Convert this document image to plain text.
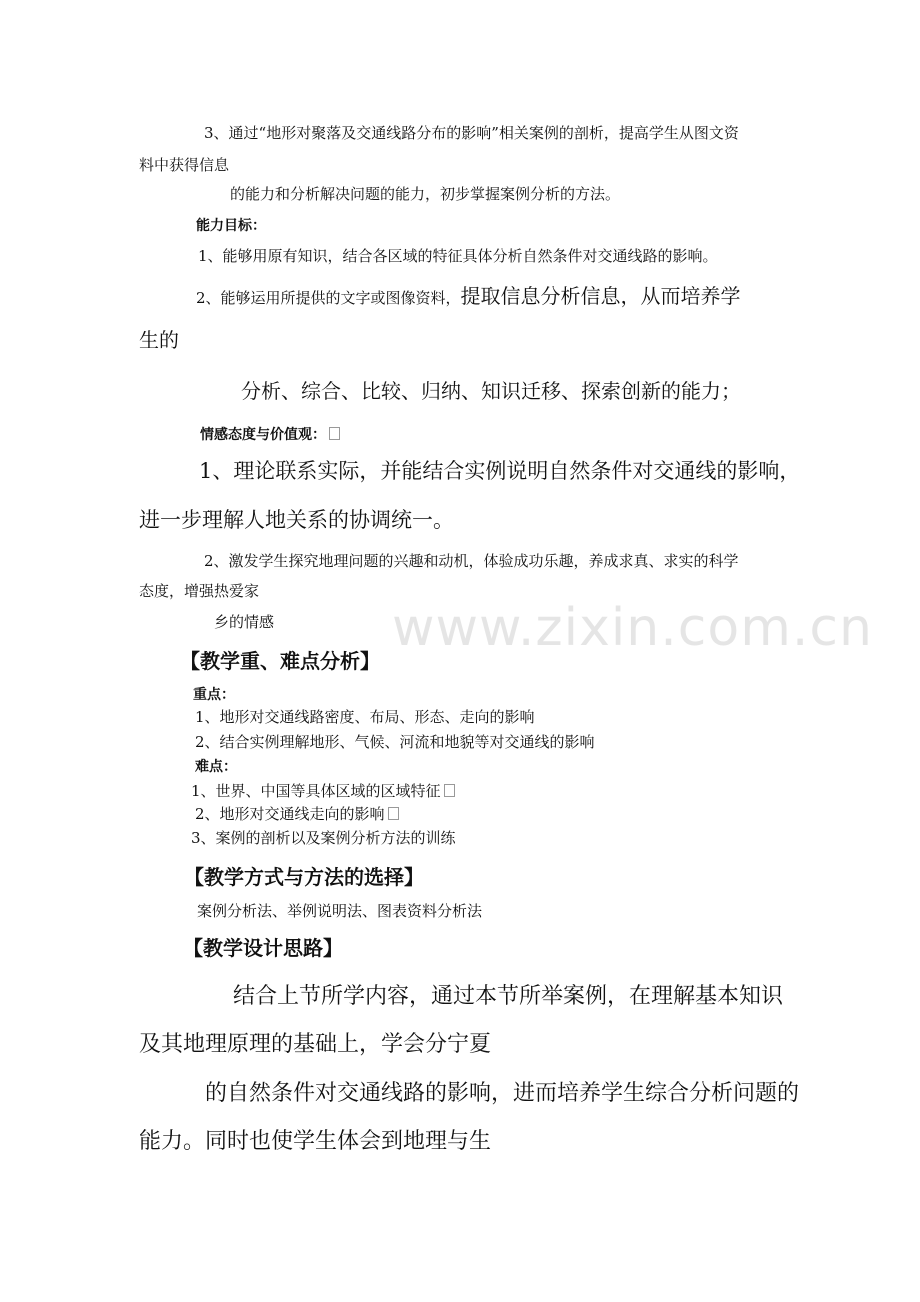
www.zixin.com.cn
3、通过“地形对聚落及交通线路分布的影响”相关案例的剖析，提高学生从图文资
料中获得信息
的能力和分析解决问题的能力，初步掌握案例分析的方法。
能力目标：
1、能够用原有知识，结合各区域的特征具体分析自然条件对交通线路的影响。
2、能够运用所提供的文字或图像资料，提取信息分析信息，从而培养学
生的
分析、综合、比较、归纳、知识迁移、探索创新的能力；
情感态度与价值观：
1、理论联系实际，并能结合实例说明自然条件对交通线的影响，
进一步理解人地关系的协调统一。
2、激发学生探究地理问题的兴趣和动机，体验成功乐趣，养成求真、求实的科学
态度，增强热爱家
乡的情感
【教学重、难点分析】
重点：
1、地形对交通线路密度、布局、形态、走向的影响
2、结合实例理解地形、气候、河流和地貌等对交通线的影响
难点：
1、世界、中国等具体区域的区域特征
2、地形对交通线走向的影响
3、案例的剖析以及案例分析方法的训练
【教学方式与方法的选择】
案例分析法、举例说明法、图表资料分析法
【教学设计思路】
结合上节所学内容，通过本节所举案例，在理解基本知识
及其地理原理的基础上，学会分宁夏
的自然条件对交通线路的影响，进而培养学生综合分析问题的
能力。同时也使学生体会到地理与生
